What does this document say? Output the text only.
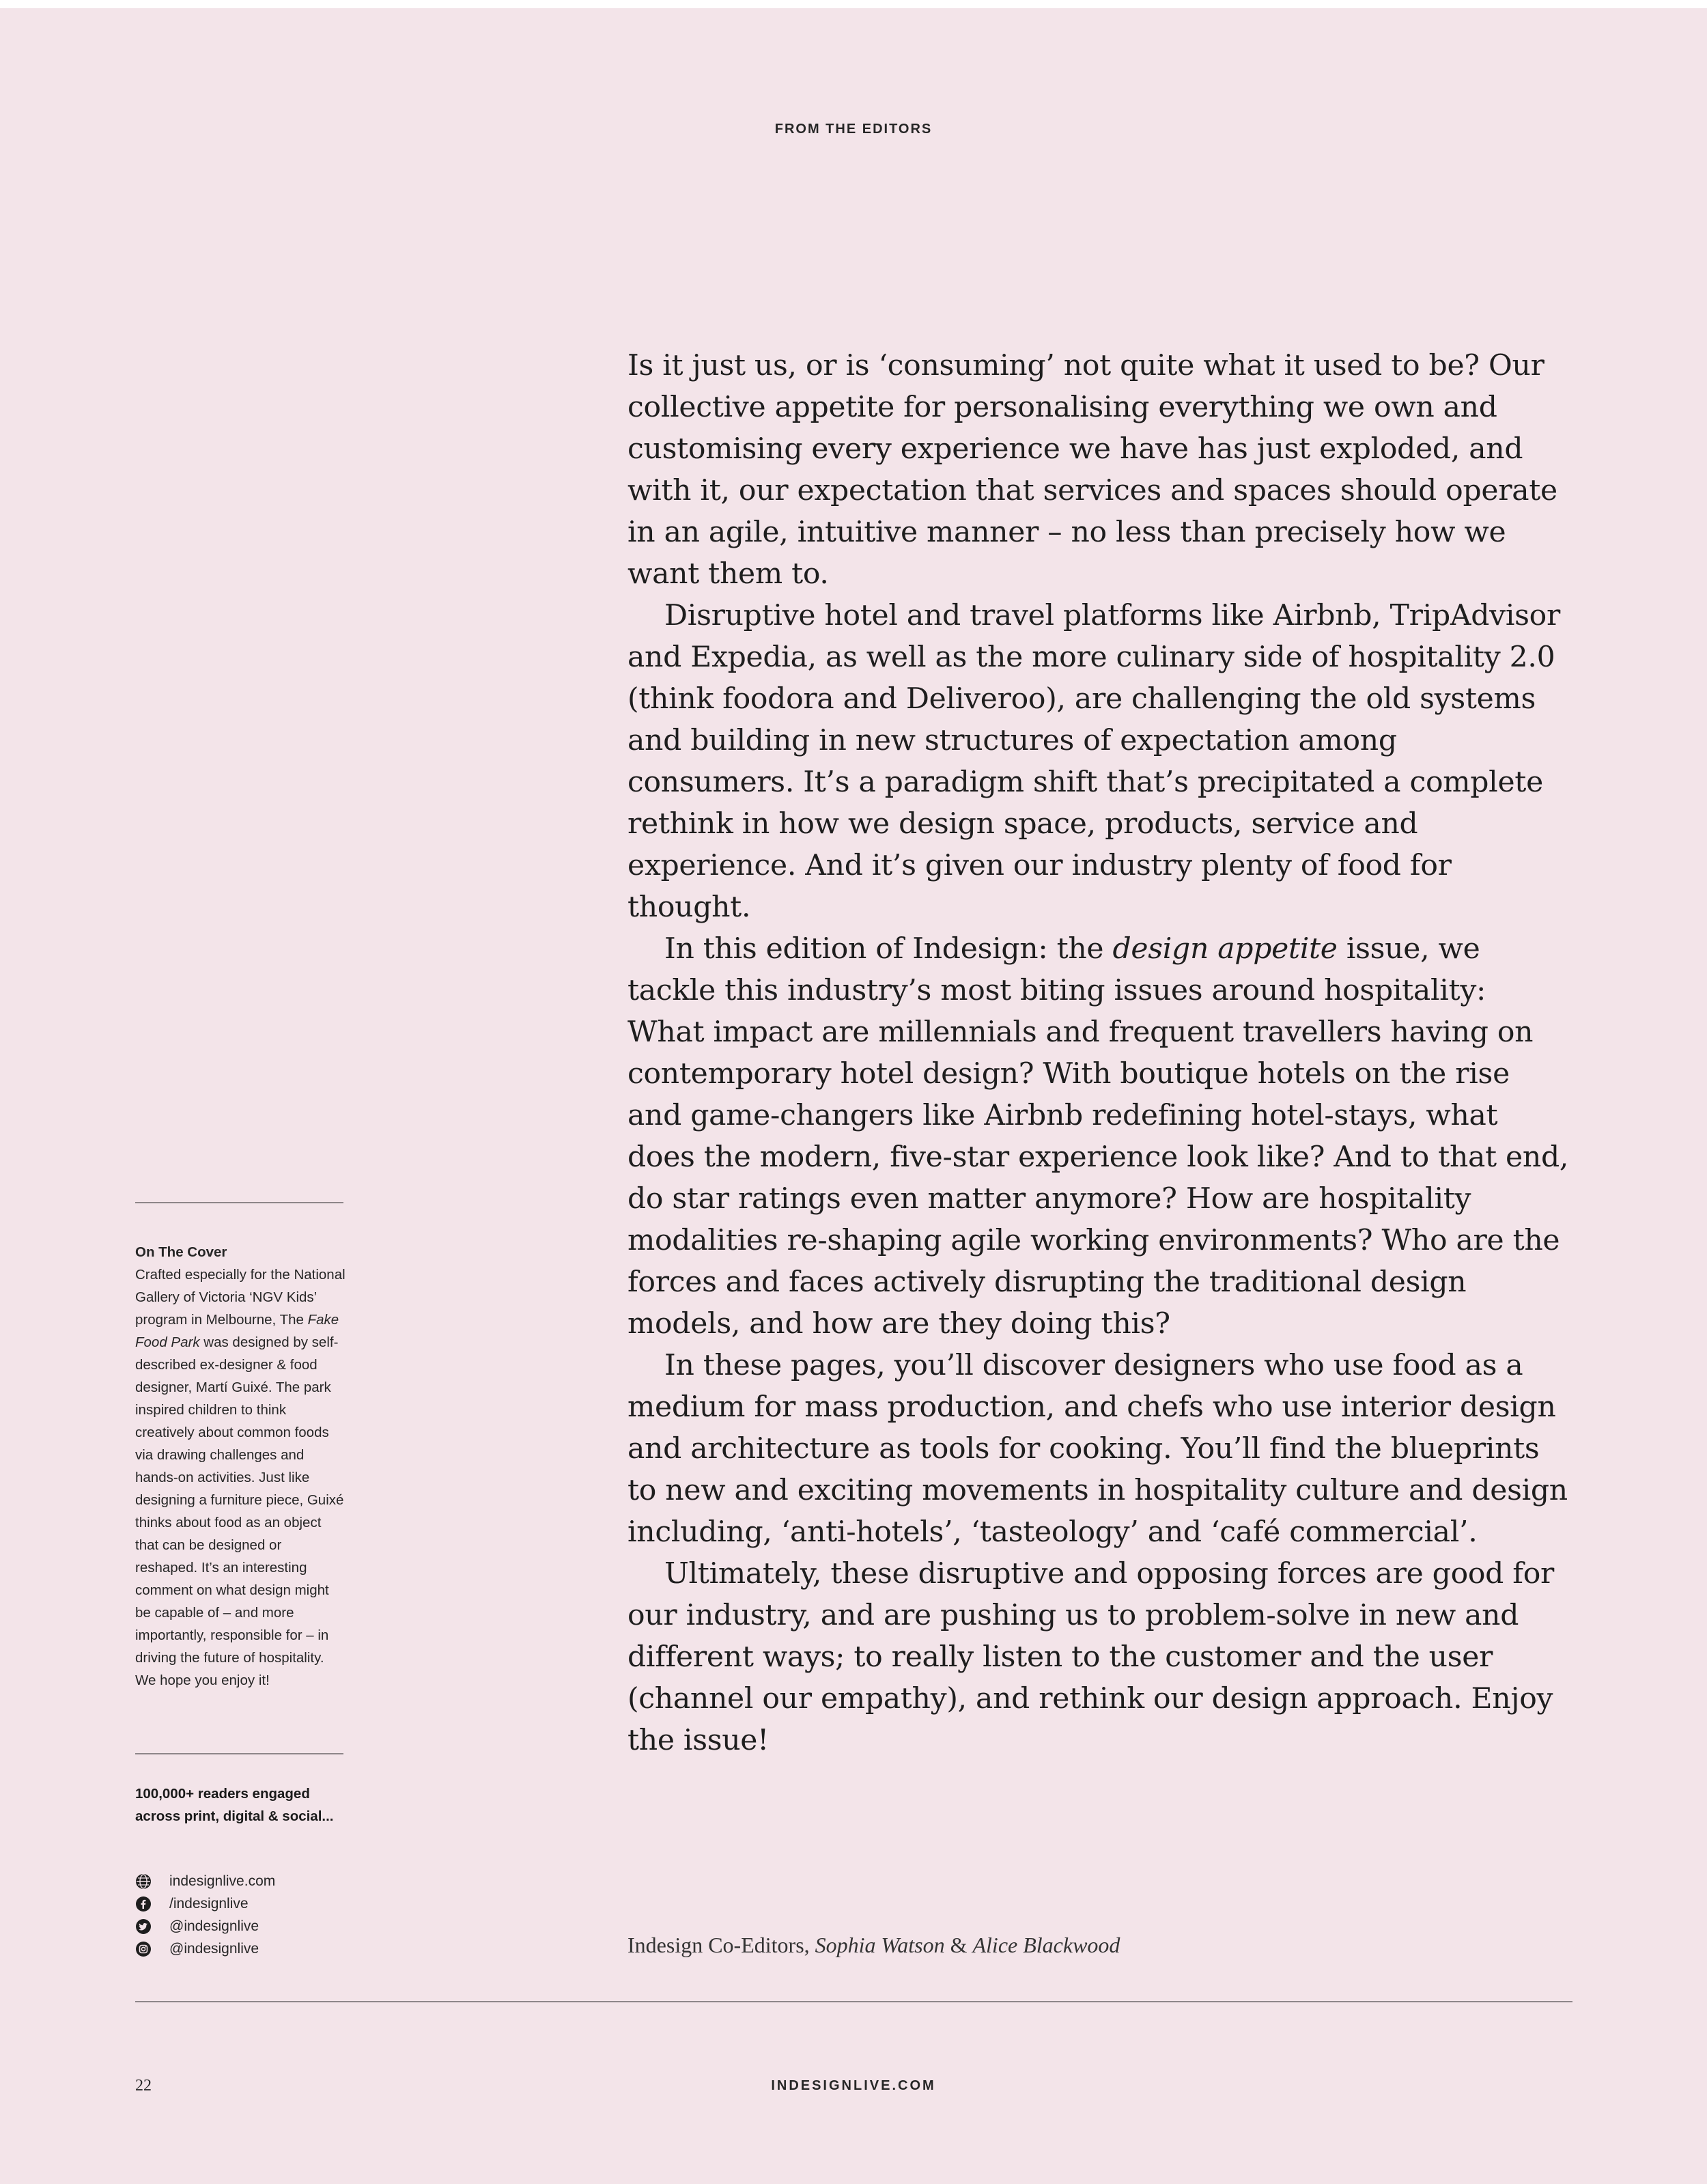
FROM THE EDITORS

Is it just us, or is ‘consuming’ not quite what it used to be? Our collective appetite for personalising everything we own and customising every experience we have has just exploded, and with it, our expectation that services and spaces should operate in an agile, intuitive manner – no less than precisely how we want them to.

Disruptive hotel and travel platforms like Airbnb, TripAdvisor and Expedia, as well as the more culinary side of hospitality 2.0 (think foodora and Deliveroo), are challenging the old systems and building in new structures of expectation among consumers. It’s a paradigm shift that’s precipitated a complete rethink in how we design space, products, service and experience. And it’s given our industry plenty of food for thought.

In this edition of Indesign: the design appetite issue, we tackle this industry’s most biting issues around hospitality: What impact are millennials and frequent travellers having on contemporary hotel design? With boutique hotels on the rise and game-changers like Airbnb redefining hotel-stays, what does the modern, five-star experience look like? And to that end, do star ratings even matter anymore? How are hospitality modalities re-shaping agile working environments? Who are the forces and faces actively disrupting the traditional design models, and how are they doing this?

In these pages, you’ll discover designers who use food as a medium for mass production, and chefs who use interior design and architecture as tools for cooking. You’ll find the blueprints to new and exciting movements in hospitality culture and design including, ‘anti-hotels’, ‘tasteology’ and ‘café commercial’.

Ultimately, these disruptive and opposing forces are good for our industry, and are pushing us to problem-solve in new and different ways; to really listen to the customer and the user (channel our empathy), and rethink our design approach. Enjoy the issue!

Indesign Co-Editors, Sophia Watson & Alice Blackwood
On The Cover
Crafted especially for the National Gallery of Victoria ‘NGV Kids’ program in Melbourne, The Fake Food Park was designed by self-described ex-designer & food designer, Martí Guixé. The park inspired children to think creatively about common foods via drawing challenges and hands-on activities. Just like designing a furniture piece, Guixé thinks about food as an object that can be designed or reshaped. It’s an interesting comment on what design might be capable of – and more importantly, responsible for – in driving the future of hospitality.
We hope you enjoy it!
100,000+ readers engaged across print, digital & social...
indesignlive.com
/indesignlive
@indesignlive
@indesignlive
22	INDESIGNLIVE.COM
